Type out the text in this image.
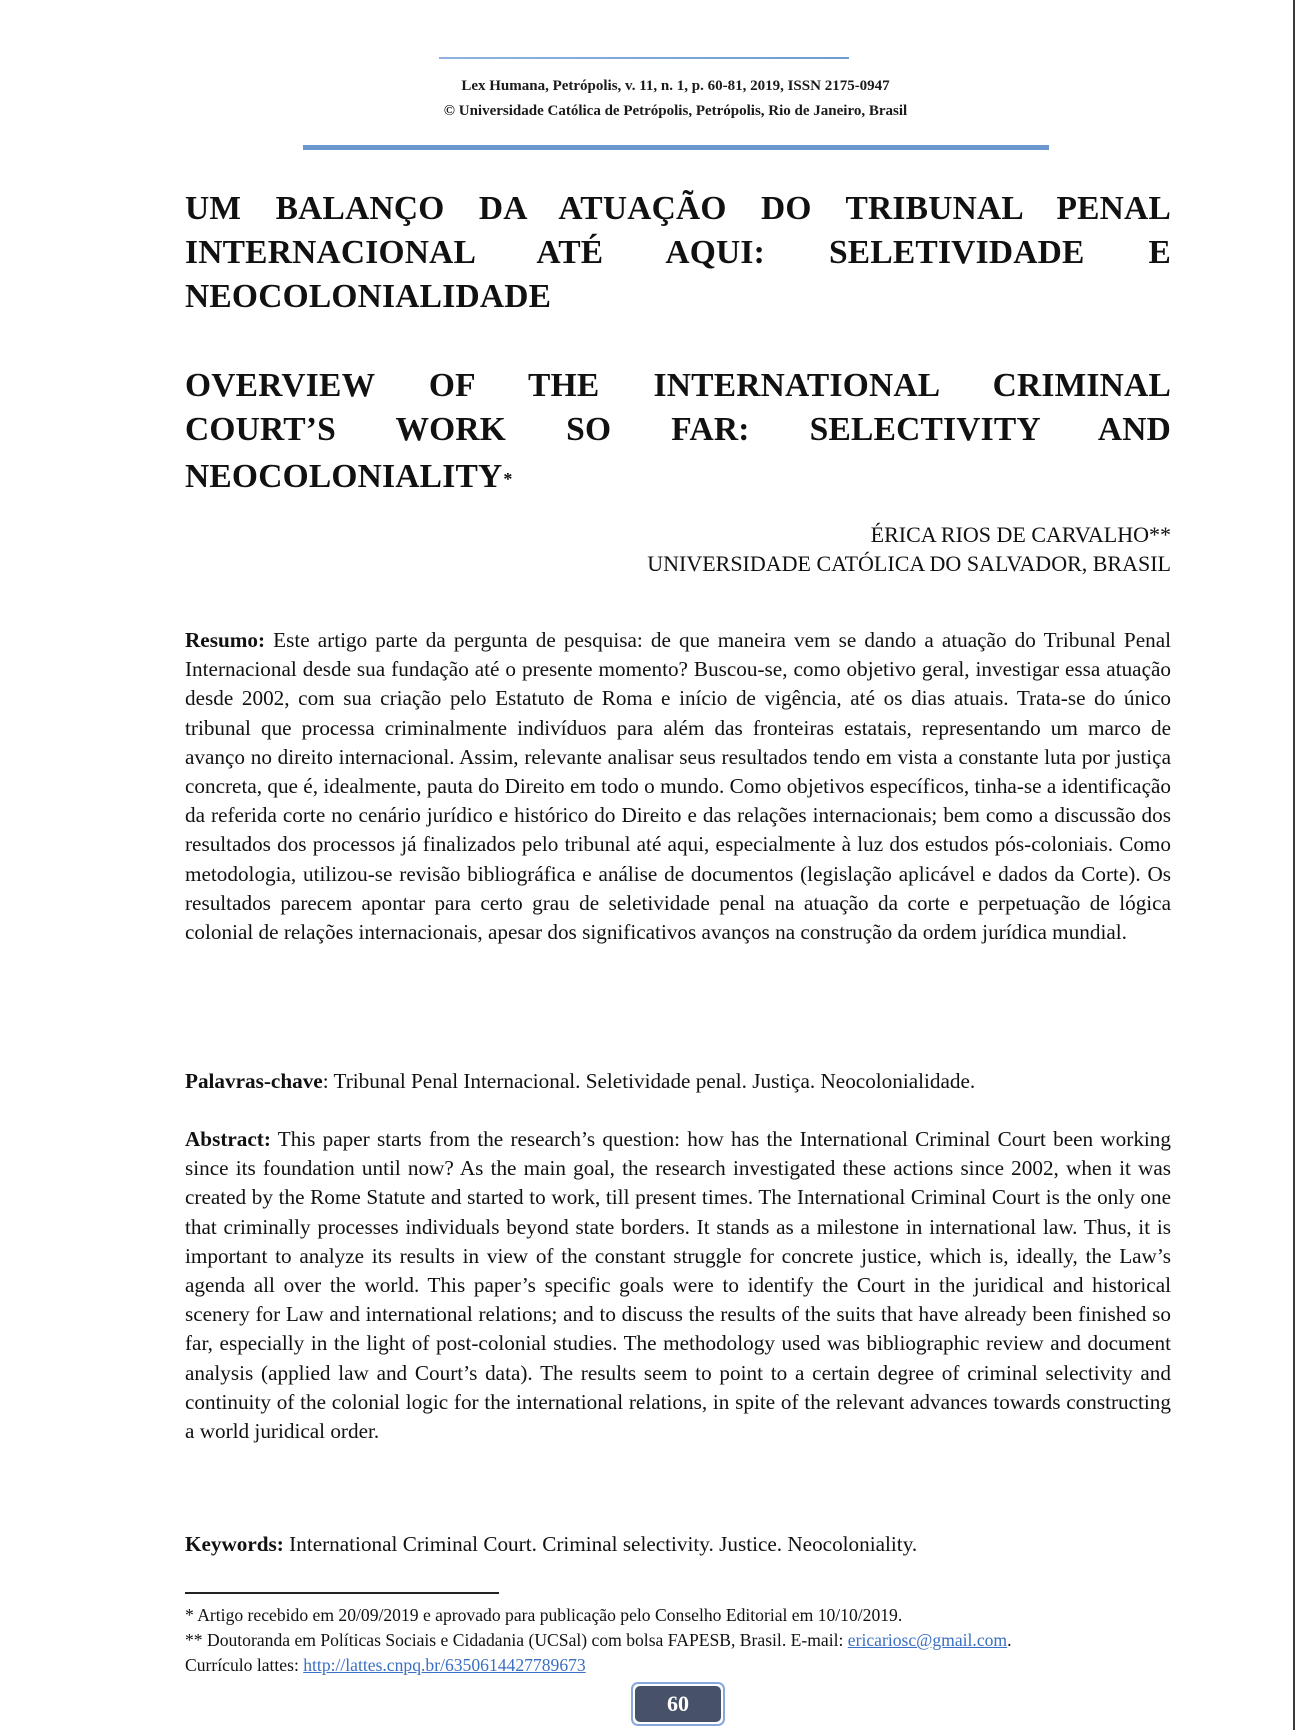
Lex Humana, Petrópolis, v. 11, n. 1, p. 60-81, 2019, ISSN 2175-0947
© Universidade Católica de Petrópolis, Petrópolis, Rio de Janeiro, Brasil
UM BALANÇO DA ATUAÇÃO DO TRIBUNAL PENAL
INTERNACIONAL ATÉ AQUI: SELETIVIDADE E
NEOCOLONIALIDADE
OVERVIEW OF THE INTERNATIONAL CRIMINAL
COURT’S WORK SO FAR: SELECTIVITY AND
NEOCOLONIALITY*
ÉRICA RIOS DE CARVALHO**
UNIVERSIDADE CATÓLICA DO SALVADOR, BRASIL
Resumo: Este artigo parte da pergunta de pesquisa: de que maneira vem se dando a atuação do Tribunal Penal Internacional desde sua fundação até o presente momento? Buscou-se, como objetivo geral, investigar essa atuação desde 2002, com sua criação pelo Estatuto de Roma e início de vigência, até os dias atuais. Trata-se do único tribunal que processa criminalmente indivíduos para além das fronteiras estatais, representando um marco de avanço no direito internacional. Assim, relevante analisar seus resultados tendo em vista a constante luta por justiça concreta, que é, idealmente, pauta do Direito em todo o mundo. Como objetivos específicos, tinha-se a identificação da referida corte no cenário jurídico e histórico do Direito e das relações internacionais; bem como a discussão dos resultados dos processos já finalizados pelo tribunal até aqui, especialmente à luz dos estudos pós-coloniais. Como metodologia, utilizou-se revisão bibliográfica e análise de documentos (legislação aplicável e dados da Corte). Os resultados parecem apontar para certo grau de seletividade penal na atuação da corte e perpetuação de lógica colonial de relações internacionais, apesar dos significativos avanços na construção da ordem jurídica mundial.
Palavras-chave: Tribunal Penal Internacional. Seletividade penal. Justiça. Neocolonialidade.
Abstract: This paper starts from the research’s question: how has the International Criminal Court been working since its foundation until now? As the main goal, the research investigated these actions since 2002, when it was created by the Rome Statute and started to work, till present times. The International Criminal Court is the only one that criminally processes individuals beyond state borders. It stands as a milestone in international law. Thus, it is important to analyze its results in view of the constant struggle for concrete justice, which is, ideally, the Law’s agenda all over the world. This paper’s specific goals were to identify the Court in the juridical and historical scenery for Law and international relations; and to discuss the results of the suits that have already been finished so far, especially in the light of post-colonial studies. The methodology used was bibliographic review and document analysis (applied law and Court’s data). The results seem to point to a certain degree of criminal selectivity and continuity of the colonial logic for the international relations, in spite of the relevant advances towards constructing a world juridical order.
Keywords: International Criminal Court. Criminal selectivity. Justice. Neocoloniality.
* Artigo recebido em 20/09/2019 e aprovado para publicação pelo Conselho Editorial em 10/10/2019.
** Doutoranda em Políticas Sociais e Cidadania (UCSal) com bolsa FAPESB, Brasil. E-mail: ericariosc@gmail.com.
Currículo lattes: http://lattes.cnpq.br/6350614427789673
60
